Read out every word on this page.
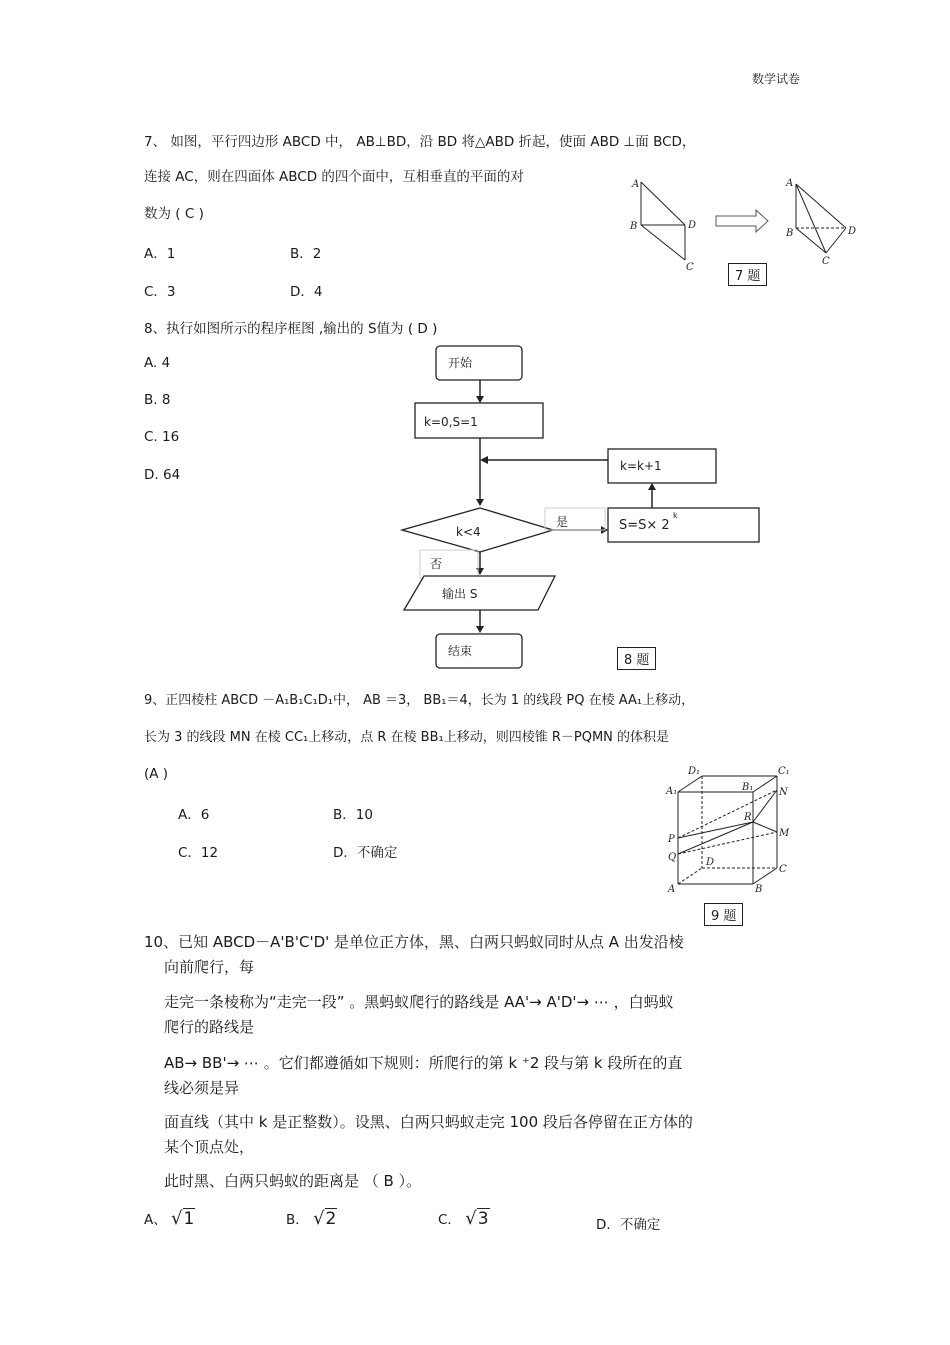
数学试卷
7、 如图，平行四边形 ABCD 中， AB⊥BD，沿 BD 将△ABD 折起，使面 ABD ⊥面 BCD，
连接 AC，则在四面体 ABCD 的四个面中，互相垂直的平面的对
数为 ( C )
A．1	B．2
C．3	D．4
A
B	D
C
A
B	D
C
7 题
8、执行如图所示的程序框图 ,输出的 S值为 ( D )
A. 4
B. 8
C. 16
D. 64
开始
k=0,S=1
k=k+1
k<4
是	S=S× 2
k
否
输出 S
结束
8 题
9、正四棱柱 ABCD －A₁B₁C₁D₁中， AB ＝3， BB₁＝4，长为 1 的线段 PQ 在棱 AA₁上移动，
长为 3 的线段 MN 在棱 CC₁上移动，点 R 在棱 BB₁上移动，则四棱锥 R－PQMN 的体积是
(A )
A．6	B．10
C．12	D．不确定
D₁	C₁
A₁	B₁	N
R
M
P
Q	D
C
A	B
9 题
10、已知 ABCD－A'B'C'D' 是单位正方体，黑、白两只蚂蚁同时从点 A 出发沿棱
向前爬行，每
走完一条棱称为“走完一段” 。黑蚂蚁爬行的路线是 AA'→ A'D'→ ⋯ ，白蚂蚁
爬行的路线是
AB→ BB'→ ⋯ 。它们都遵循如下规则：所爬行的第 k ⁺2 段与第 k 段所在的直
线必须是异
面直线（其中 k 是正整数）。设黑、白两只蚂蚁走完 100 段后各停留在正方体的
某个顶点处，
此时黑、白两只蚂蚁的距离是 （ B ）。
A、 √1	B． √2	C． √3	D．不确定
